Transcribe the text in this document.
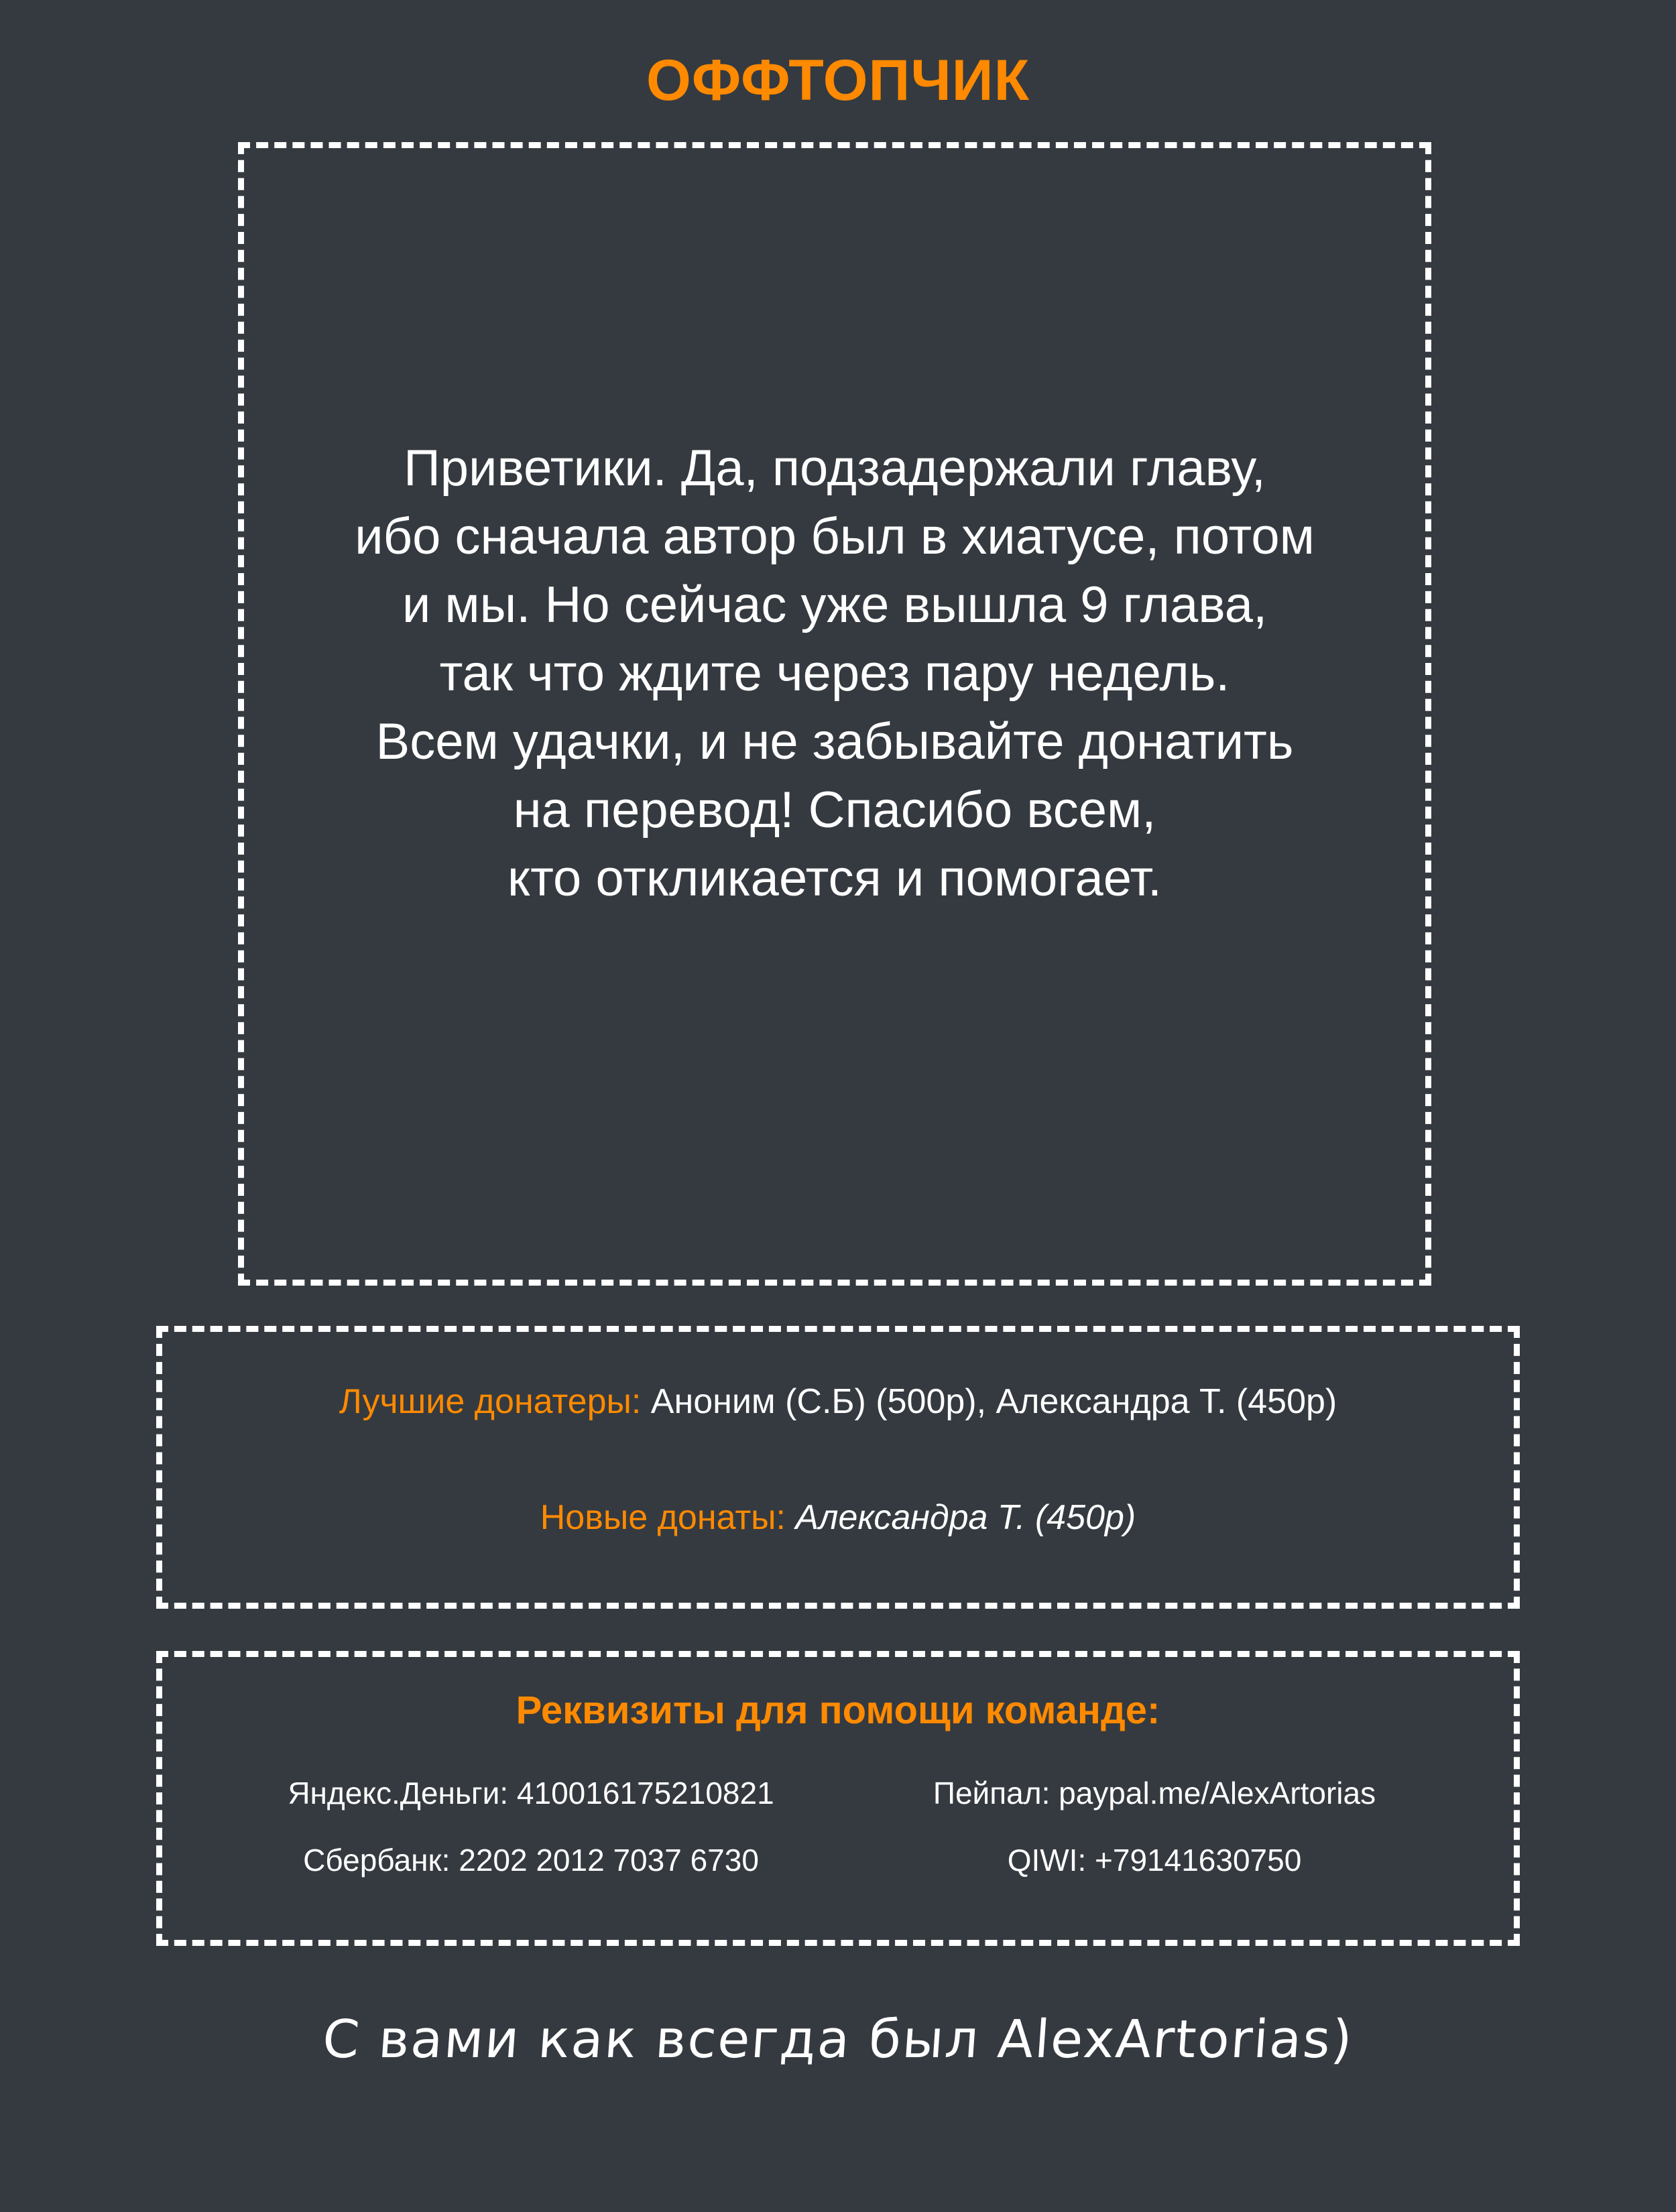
ОФФТОПЧИК
Приветики. Да, подзадержали главу,
ибо сначала автор был в хиатусе, потом
и мы. Но сейчас уже вышла 9 глава,
так что ждите через пару недель.
Всем удачки, и не забывайте донатить
на перевод! Спасибо всем,
кто откликается и помогает.
Лучшие донатеры: Аноним (С.Б) (500р), Александра Т. (450р)
Новые донаты: Александра Т. (450р)
Реквизиты для помощи команде:
Яндекс.Деньги: 410016175210821	Пейпал: paypal.me/AlexArtorias
Сбербанк: 2202 2012 7037 6730	QIWI: +79141630750
С вами как всегда был AlexArtorias)
